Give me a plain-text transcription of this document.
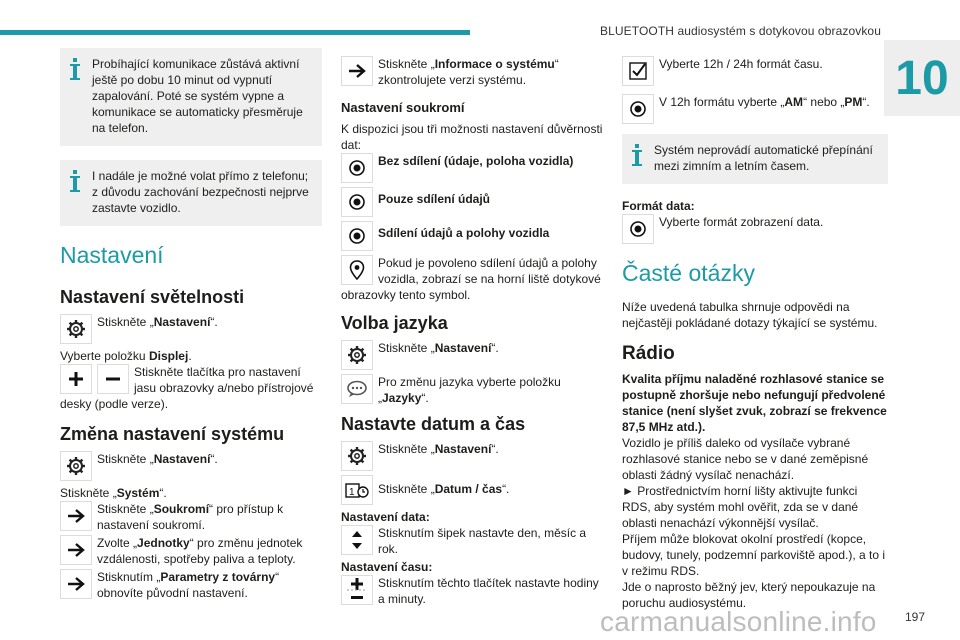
BLUETOOTH audiosystém s dotykovou obrazovkou
10
Probíhající komunikace zůstává aktivní ještě po dobu 10 minut od vypnutí zapalování. Poté se systém vypne a komunikace se automaticky přesměruje na telefon.
I nadále je možné volat přímo z telefonu; z důvodu zachování bezpečnosti nejprve zastavte vozidlo.
Nastavení
Nastavení světelnosti
Stiskněte „Nastavení“.

Vyberte položku Displej.

Stiskněte tlačítka pro nastavení jasu obrazovky a/nebo přístrojové desky (podle verze).
Změna nastavení systému
Stiskněte „Nastavení“.

Stiskněte „Systém“.

Stiskněte „Soukromí“ pro přístup k nastavení soukromí.
Zvolte „Jednotky“ pro změnu jednotek vzdálenosti, spotřeby paliva a teploty.
Stisknutím „Parametry z továrny“ obnovíte původní nastavení.
Stiskněte „Informace o systému“ zkontrolujete verzi systému.
Nastavení soukromí

K dispozici jsou tři možnosti nastavení důvěrnosti dat:

Bez sdílení (údaje, poloha vozidla)
Pouze sdílení údajů
Sdílení údajů a polohy vozidla
Pokud je povoleno sdílení údajů a polohy vozidla, zobrazí se na horní liště dotykové obrazovky tento symbol.
Volba jazyka
Stiskněte „Nastavení“.
Pro změnu jazyka vyberte položku „Jazyky“.
Nastavte datum a čas
Stiskněte „Nastavení“.
1	Stiskněte „Datum / čas“.

Nastavení data:

Stisknutím šipek nastavte den, měsíc a rok.

Nastavení času:

Stisknutím těchto tlačítek nastavte hodiny a minuty.
Vyberte 12h / 24h formát času.
V 12h formátu vyberte „AM“ nebo „PM“.
Systém neprovádí automatické přepínání mezi zimním a letním časem.

Formát data:

Vyberte formát zobrazení data.
Časté otázky

Níže uvedená tabulka shrnuje odpovědi na nejčastěji pokládané dotazy týkající se systému.

Rádio

Kvalita příjmu naladěné rozhlasové stanice se postupně zhoršuje nebo nefungují předvolené stanice (není slyšet zvuk, zobrazí se frekvence 87,5 MHz atd.).

Vozidlo je příliš daleko od vysílače vybrané rozhlasové stanice nebo se v dané zeměpisné oblasti žádný vysílač nenachází.

► Prostřednictvím horní lišty aktivujte funkci RDS, aby systém mohl ověřit, zda se v dané oblasti nenachází výkonnější vysílač.

Příjem může blokovat okolní prostředí (kopce, budovy, tunely, podzemní parkoviště apod.), a to i v režimu RDS.

Jde o naprosto běžný jev, který nepoukazuje na poruchu audiosystému.

carmanualsonline.info 197
